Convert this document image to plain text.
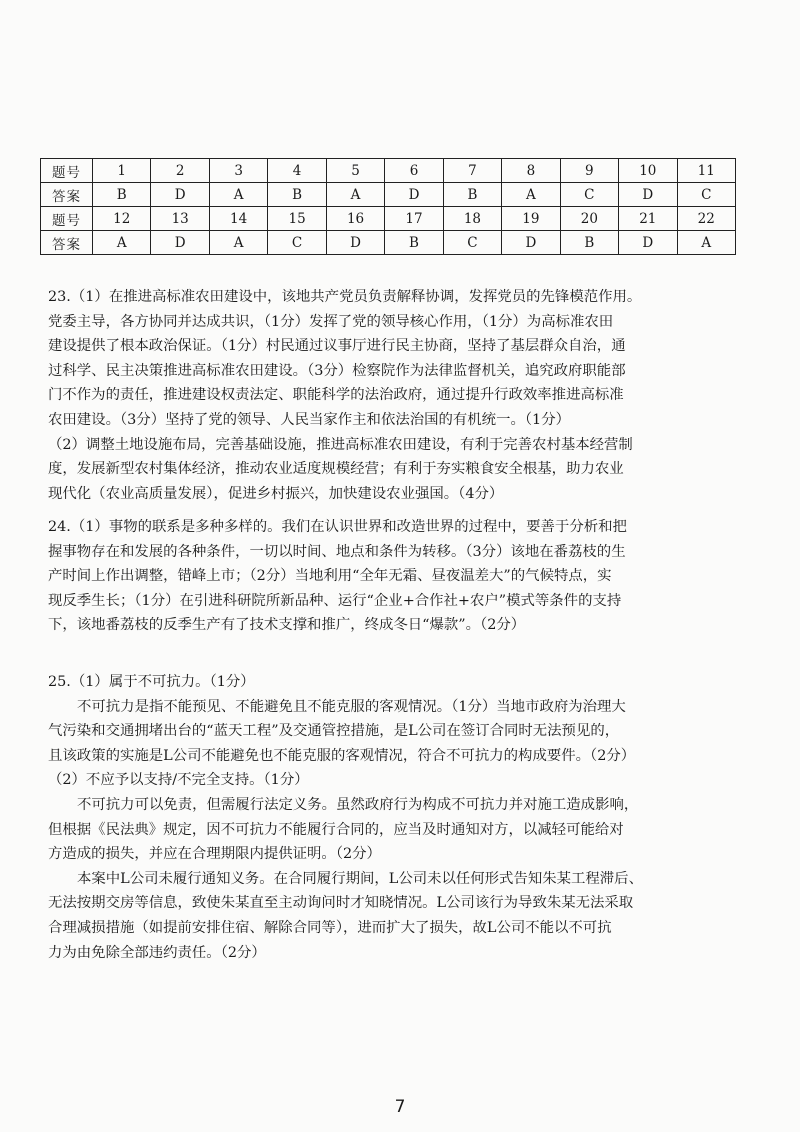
题号	1	2	3	4	5	6	7	8	9	10	11
答案	B	D	A	B	A	D	B	A	C	D	C
题号	12	13	14	15	16	17	18	19	20	21	22
答案	A	D	A	C	D	B	C	D	B	D	A
23.（1）在推进高标准农田建设中，该地共产党员负责解释协调，发挥党员的先锋模范作用。
党委主导，各方协同并达成共识，（1分）发挥了党的领导核心作用，（1分）为高标准农田
建设提供了根本政治保证。（1分）村民通过议事厅进行民主协商，坚持了基层群众自治，通
过科学、民主决策推进高标准农田建设。（3分）检察院作为法律监督机关，追究政府职能部
门不作为的责任，推进建设权责法定、职能科学的法治政府，通过提升行政效率推进高标准
农田建设。（3分）坚持了党的领导、人民当家作主和依法治国的有机统一。（1分）
（2）调整土地设施布局，完善基础设施，推进高标准农田建设，有利于完善农村基本经营制
度，发展新型农村集体经济，推动农业适度规模经营；有利于夯实粮食安全根基，助力农业
现代化（农业高质量发展），促进乡村振兴，加快建设农业强国。（4分）
24.（1）事物的联系是多种多样的。我们在认识世界和改造世界的过程中，要善于分析和把
握事物存在和发展的各种条件，一切以时间、地点和条件为转移。（3分）该地在番荔枝的生
产时间上作出调整，错峰上市；（2分）当地利用“全年无霜、昼夜温差大”的气候特点，实
现反季生长；（1分）在引进科研院所新品种、运行“企业+合作社+农户”模式等条件的支持
下，该地番荔枝的反季生产有了技术支撑和推广，终成冬日“爆款”。（2分）
25.（1）属于不可抗力。（1分）
不可抗力是指不能预见、不能避免且不能克服的客观情况。（1分）当地市政府为治理大
气污染和交通拥堵出台的“蓝天工程”及交通管控措施，是L公司在签订合同时无法预见的，
且该政策的实施是L公司不能避免也不能克服的客观情况，符合不可抗力的构成要件。（2分）
（2）不应予以支持/不完全支持。（1分）
不可抗力可以免责，但需履行法定义务。虽然政府行为构成不可抗力并对施工造成影响，
但根据《民法典》规定，因不可抗力不能履行合同的，应当及时通知对方，以减轻可能给对
方造成的损失，并应在合理期限内提供证明。（2分）
本案中L公司未履行通知义务。在合同履行期间，L公司未以任何形式告知朱某工程滞后、
无法按期交房等信息，致使朱某直至主动询问时才知晓情况。L公司该行为导致朱某无法采取
合理减损措施（如提前安排住宿、解除合同等），进而扩大了损失，故L公司不能以不可抗
力为由免除全部违约责任。（2分）
7
